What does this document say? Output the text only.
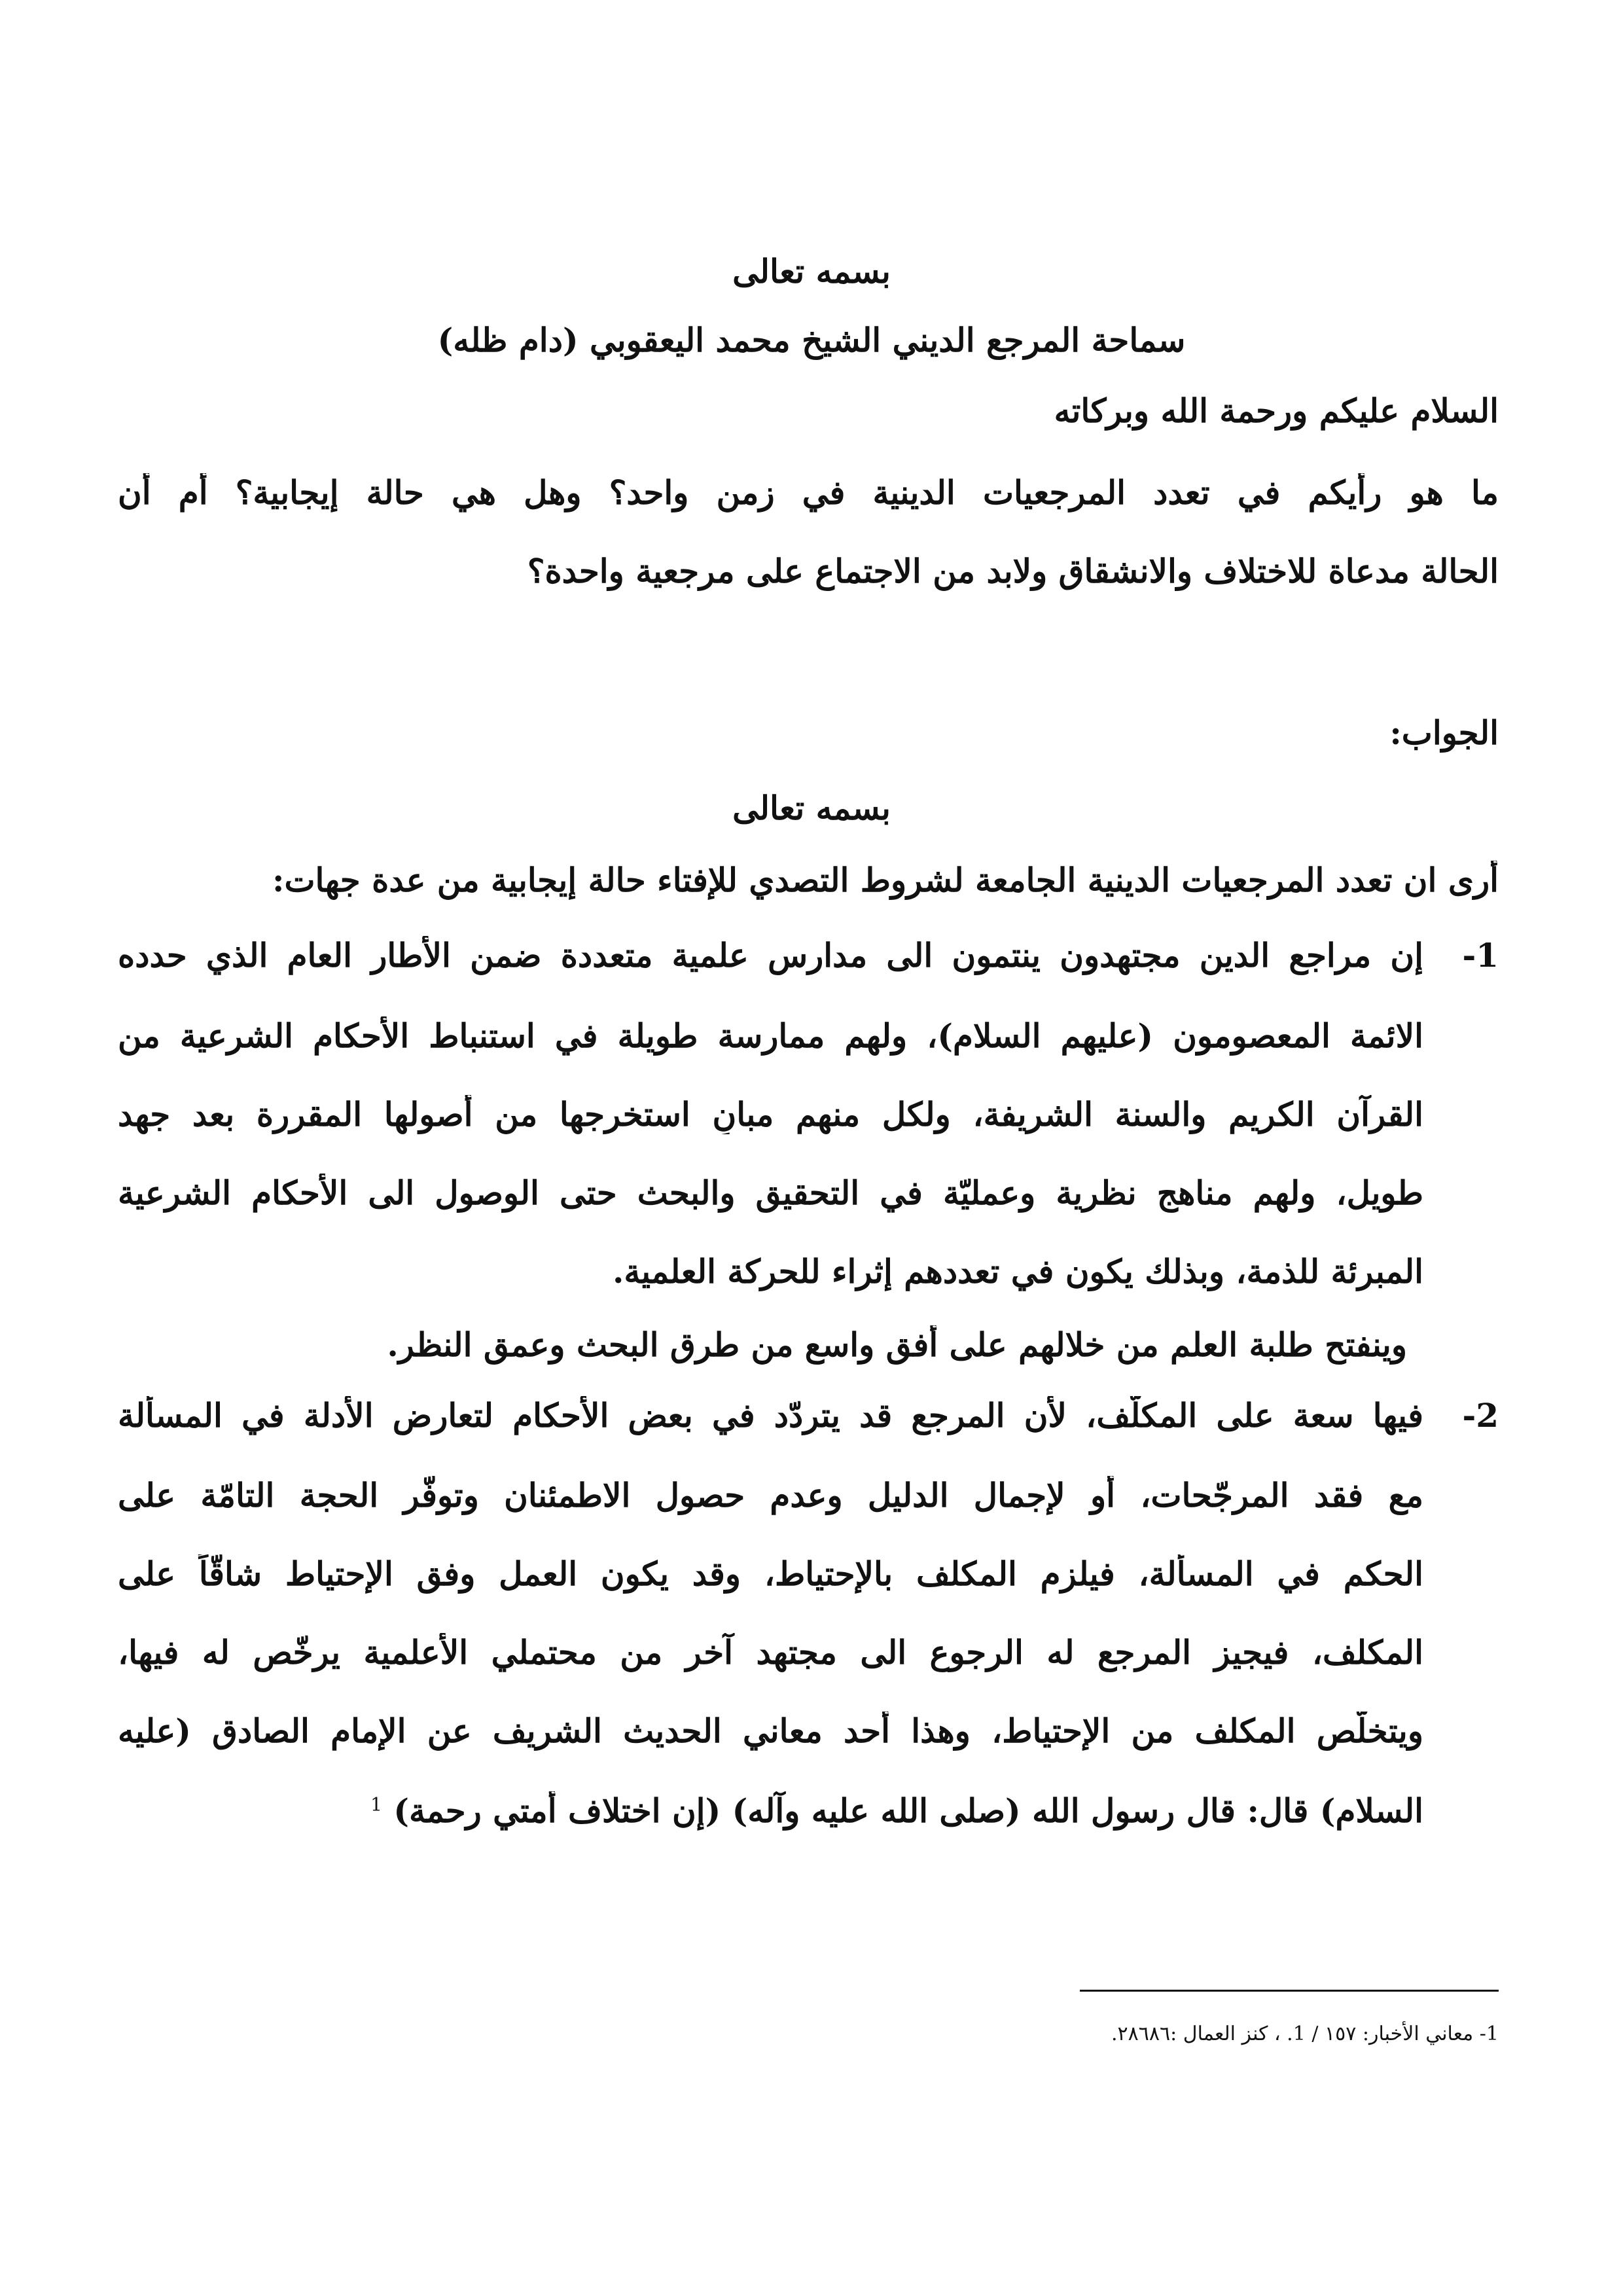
بسمه تعالى
سماحة المرجع الديني الشيخ محمد اليعقوبي (دام ظله)
السلام عليكم ورحمة الله وبركاته
ما هو رأيكم في تعدد المرجعيات الدينية في زمن واحد؟ وهل هي حالة إيجابية؟ أم أن
الحالة مدعاة للاختلاف والانشقاق ولابد من الاجتماع على مرجعية واحدة؟
الجواب:
بسمه تعالى
أرى ان تعدد المرجعيات الدينية الجامعة لشروط التصدي للإفتاء حالة إيجابية من عدة جهات:
1-
إن مراجع الدين مجتهدون ينتمون الى مدارس علمية متعددة ضمن الأطار العام الذي حدده
الائمة المعصومون (عليهم السلام)، ولهم ممارسة طويلة في استنباط الأحكام الشرعية من
القرآن الكريم والسنة الشريفة، ولكل منهم مبانٍ استخرجها من أصولها المقررة بعد جهد
طويل، ولهم مناهج نظرية وعمليّة في التحقيق والبحث حتى الوصول الى الأحكام الشرعية
المبرئة للذمة، وبذلك يكون في تعددهم إثراء للحركة العلمية.
وينفتح طلبة العلم من خلالهم على أفق واسع من طرق البحث وعمق النظر.
2-
فيها سعة على المكلّف، لأن المرجع قد يتردّد في بعض الأحكام لتعارض الأدلة في المسألة
مع فقد المرجّحات، أو لإجمال الدليل وعدم حصول الاطمئنان وتوفّر الحجة التامّة على
الحكم في المسألة، فيلزم المكلف بالإحتياط، وقد يكون العمل وفق الإحتياط شاقّاً على
المكلف، فيجيز المرجع له الرجوع الى مجتهد آخر من محتملي الأعلمية يرخّص له فيها،
ويتخلّص المكلف من الإحتياط، وهذا أحد معاني الحديث الشريف عن الإمام الصادق (عليه
السلام) قال: قال رسول الله (صلى الله عليه وآله) (إن اختلاف أمتي رحمة) $^1$
1- معاني الأخبار: ١٥٧ / 1. ، كنز العمال :٢٨٦٨٦.
